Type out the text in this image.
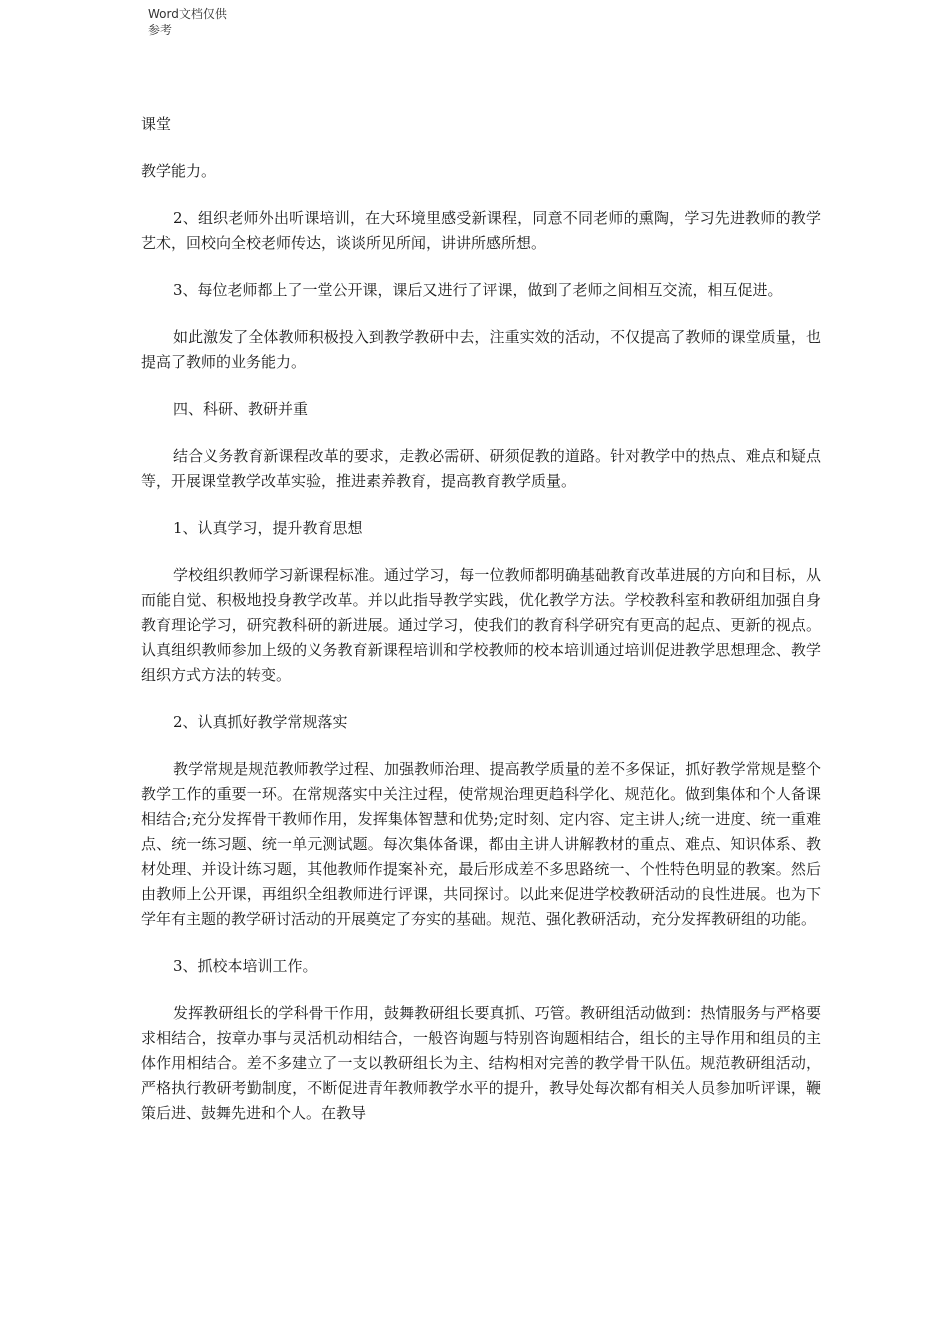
Word文档仅供参考

课堂

教学能力。

2、组织老师外出听课培训，在大环境里感受新课程，同意不同老师的熏陶，学习先进教师的教学艺术，回校向全校老师传达，谈谈所见所闻，讲讲所感所想。

3、每位老师都上了一堂公开课，课后又进行了评课，做到了老师之间相互交流，相互促进。

如此激发了全体教师积极投入到教学教研中去，注重实效的活动，不仅提高了教师的课堂质量，也提高了教师的业务能力。

四、科研、教研并重

结合义务教育新课程改革的要求，走教必需研、研须促教的道路。针对教学中的热点、难点和疑点等，开展课堂教学改革实验，推进素养教育，提高教育教学质量。

1、认真学习，提升教育思想

学校组织教师学习新课程标准。通过学习，每一位教师都明确基础教育改革进展的方向和目标，从而能自觉、积极地投身教学改革。并以此指导教学实践，优化教学方法。学校教科室和教研组加强自身教育理论学习，研究教科研的新进展。通过学习，使我们的教育科学研究有更高的起点、更新的视点。认真组织教师参加上级的义务教育新课程培训和学校教师的校本培训通过培训促进教学思想理念、教学组织方式方法的转变。

2、认真抓好教学常规落实

教学常规是规范教师教学过程、加强教师治理、提高教学质量的差不多保证，抓好教学常规是整个教学工作的重要一环。在常规落实中关注过程，使常规治理更趋科学化、规范化。做到集体和个人备课相结合;充分发挥骨干教师作用，发挥集体智慧和优势;定时刻、定内容、定主讲人;统一进度、统一重难点、统一练习题、统一单元测试题。每次集体备课，都由主讲人讲解教材的重点、难点、知识体系、教材处理、并设计练习题，其他教师作提案补充，最后形成差不多思路统一、个性特色明显的教案。然后由教师上公开课，再组织全组教师进行评课，共同探讨。以此来促进学校教研活动的良性进展。也为下学年有主题的教学研讨活动的开展奠定了夯实的基础。规范、强化教研活动，充分发挥教研组的功能。

3、抓校本培训工作。

发挥教研组长的学科骨干作用，鼓舞教研组长要真抓、巧管。教研组活动做到：热情服务与严格要求相结合，按章办事与灵活机动相结合，一般咨询题与特别咨询题相结合，组长的主导作用和组员的主体作用相结合。差不多建立了一支以教研组长为主、结构相对完善的教学骨干队伍。规范教研组活动，严格执行教研考勤制度，不断促进青年教师教学水平的提升，教导处每次都有相关人员参加听评课，鞭策后进、鼓舞先进和个人。在教导
